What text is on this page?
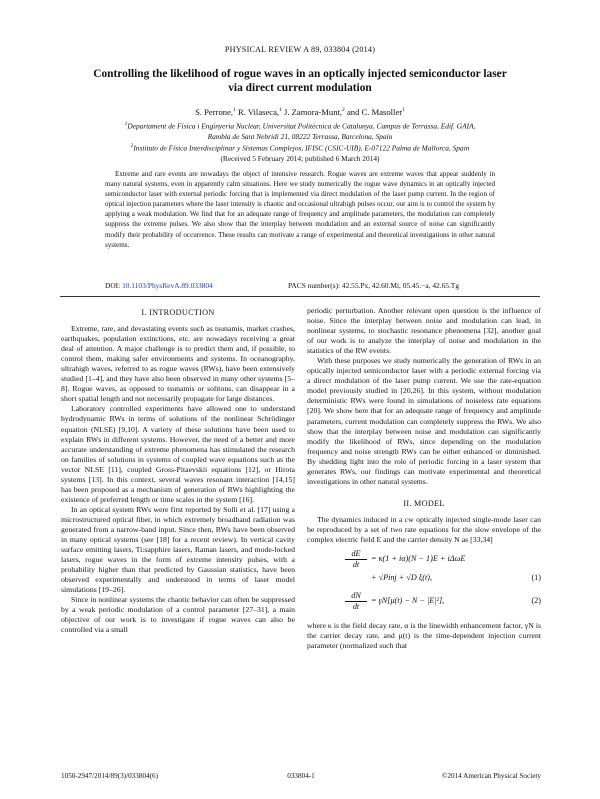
PHYSICAL REVIEW A 89, 033804 (2014)
Controlling the likelihood of rogue waves in an optically injected semiconductor laser
via direct current modulation
S. Perrone,$^1$ R. Vilaseca,$^1$ J. Zamora-Munt,$^2$ and C. Masoller$^1$
$^1$Departament de Física i Enginyeria Nuclear, Universitat Politècnica de Catalunya, Campus de Terrassa, Edif. GAIA,
Rambla de Sant Nebridi 21, 08222 Terrassa, Barcelona, Spain
$^2$Instituto de Física Interdisciplinar y Sistemas Complejos, IFISC (CSIC-UIB), E-07122 Palma de Mallorca, Spain
(Received 5 February 2014; published 6 March 2014)
Extreme and rare events are nowadays the object of intensive research. Rogue waves are extreme waves that appear suddenly in many natural systems, even in apparently calm situations. Here we study numerically the rogue wave dynamics in an optically injected semiconductor laser with external periodic forcing that is implemented via direct modulation of the laser pump current. In the region of optical injection parameters where the laser intensity is chaotic and occasional ultrahigh pulses occur, our aim is to control the system by applying a weak modulation. We find that for an adequate range of frequency and amplitude parameters, the modulation can completely suppress the extreme pulses. We also show that the interplay between modulation and an external source of noise can significantly modify their probability of occurrence. These results can motivate a range of experimental and theoretical investigations in other natural systems.
DOI: 10.1103/PhysRevA.89.033804	PACS number(s): 42.55.Px, 42.60.Mi, 05.45.−a, 42.65.Tg
I. INTRODUCTION

Extreme, rare, and devastating events such as tsunamis, market crashes, earthquakes, population extinctions, etc. are nowadays receiving a great deal of attention. A major challenge is to predict them and, if possible, to control them, making safer environments and systems. In oceanography, ultrahigh waves, referred to as rogue waves (RWs), have been extensively studied [1–4], and they have also been observed in many other systems [5–8]. Rogue waves, as opposed to tsunamis or solitons, can disappear in a short spatial length and not necessarily propagate for large distances.

Laboratory controlled experiments have allowed one to understand hydrodynamic RWs in terms of solutions of the nonlinear Schrödinger equation (NLSE) [9,10]. A variety of these solutions have been used to explain RWs in different systems. However, the need of a better and more accurate understanding of extreme phenomena has stimulated the research on families of solutions in systems of coupled wave equations such as the vector NLSE [11], coupled Gross-Pitaevskii equations [12], or Hirota systems [13]. In this context, several waves resonant interaction [14,15] has been proposed as a mechanism of generation of RWs highlighting the existence of preferred length or time scales in the system [16].

In an optical system RWs were first reported by Solli et al. [17] using a microstructured optical fiber, in which extremely broadband radiation was generated from a narrow-band input. Since then, RWs have been observed in many optical systems (see [18] for a recent review). In vertical cavity surface emitting lasers, Ti:sapphire lasers, Raman lasers, and mode-locked lasers, rogue waves in the form of extreme intensity pulses, with a probability higher than that predicted by Gaussian statistics, have been observed experimentally and understood in terms of laser model simulations [19–26].

Since in nonlinear systems the chaotic behavior can often be suppressed by a weak periodic modulation of a control parameter [27–31], a main objective of our work is to investigate if rogue waves can also be controlled via a small

periodic perturbation. Another relevant open question is the influence of noise. Since the interplay between noise and modulation can lead, in nonlinear systems, to stochastic resonance phenomena [32], another goal of our work is to analyze the interplay of noise and modulation in the statistics of the RW events.

With these purposes we study numerically the generation of RWs in an optically injected semiconductor laser with a periodic external forcing via a direct modulation of the laser pump current. We use the rate-equation model previously studied in [20,26]. In this system, without modulation deterministic RWs were found in simulations of noiseless rate equations [20]. We show here that for an adequate range of frequency and amplitude parameters, current modulation can completely suppress the RWs. We also show that the interplay between noise and modulation can significantly modify the likelihood of RWs, since depending on the modulation frequency and noise strength RWs can be either enhanced or diminished. By shedding light into the role of periodic forcing in a laser system that generates RWs, our findings can motivate experimental and theoretical investigations in other natural systems.

II. MODEL

The dynamics induced in a cw optically injected single-mode laser can be reproduced by a set of two rate equations for the slow envelope of the complex electric field E and the carrier density N as [33,34]

$\frac{dE}{dt} = \kappa(1 + i\alpha)(N - 1)E + i\Delta\omega E$
+ √Pinj + √D ξ(t),	(1)
$\frac{dN}{dt} = \gamma N[\mu(t) - N - |E|^2]$,	(2)

where κ is the field decay rate, α is the linewidth enhancement factor, γN is the carrier decay rate, and μ(t) is the time-dependent injection current parameter (normalized such that

1050-2947/2014/89(3)/033804(6)	033804-1	©2014 American Physical Society
